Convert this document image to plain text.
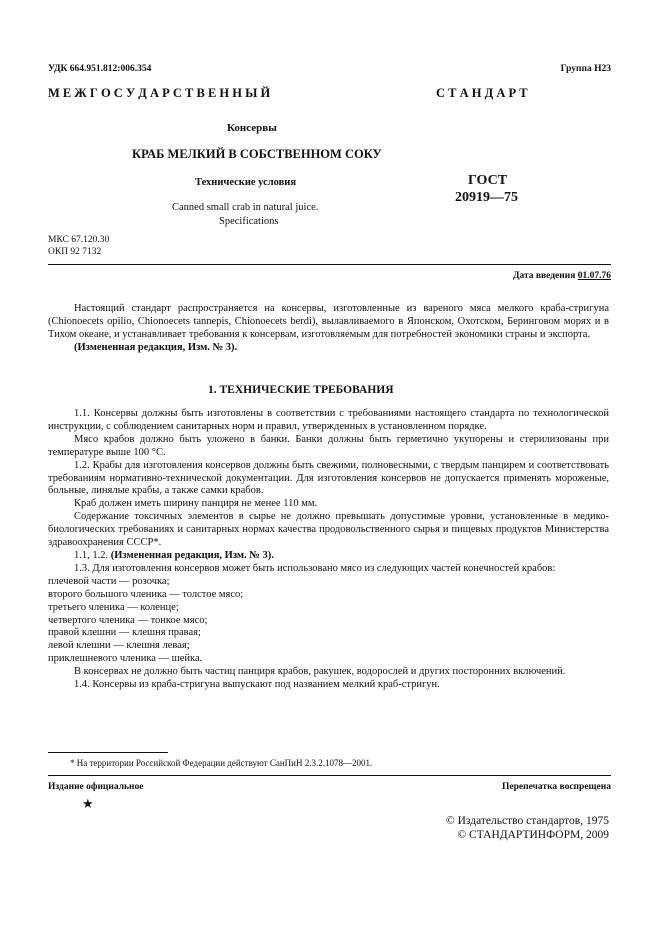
УДК 664.951.812:006.354	Группа Н23
М Е Ж Г О С У Д А Р С Т В Е Н Н Ы Й	С Т А Н Д А Р Т
Консервы
КРАБ МЕЛКИЙ В СОБСТВЕННОМ СОКУ
Технические условия
Canned small crab in natural juice.
Specifications
ГОСТ
20919—75
МКС 67.120.30
ОКП 92 7132
Дата введения 01.07.76

Настоящий стандарт распространяется на консервы, изготовленные из вареного мяса мелкого краба-стригуна (Chionoecets opilio, Chionoecets tannepis, Chionoecets berdi), вылавливаемого в Японском, Охотском, Беринговом морях и в Тихом океане, и устанавливает требования к консервам, изготовляемым для потребностей экономики страны и экспорта.

(Измененная редакция, Изм. № 3).

1. ТЕХНИЧЕСКИЕ ТРЕБОВАНИЯ

1.1. Консервы должны быть изготовлены в соответствии с требованиями настоящего стандарта по технологической инструкции, с соблюдением санитарных норм и правил, утвержденных в установленном порядке.

Мясо крабов должно быть уложено в банки. Банки должны быть герметично укупорены и стерилизованы при температуре выше 100 °С.

1.2. Крабы для изготовления консервов должны быть свежими, полновесными, с твердым панцирем и соответствовать требованиям нормативно-технической документации. Для изготовления консервов не допускается применять мороженые, больные, линялые крабы, а также самки крабов.

Краб должен иметь ширину панциря не менее 110 мм.

Содержание токсичных элементов в сырье не должно превышать допустимые уровни, установленные в медико-биологических требованиях и санитарных нормах качества продовольственного сырья и пищевых продуктов Министерства здравоохранения СССР*.

1.1, 1.2. (Измененная редакция, Изм. № 3).

1.3. Для изготовления консервов может быть использовано мясо из следующих частей конечностей крабов:

плечевой части — розочка;
второго большого членика — толстое мясо;
третьего членика — коленце;
четвертого членика — тонкое мясо;
правой клешни — клешня правая;
левой клешни — клешня левая;
приклешневого членика — шейка.

В консервах не должно быть частиц панциря крабов, ракушек, водорослей и других посторонних включений.

1.4. Консервы из краба-стригуна выпускают под названием мелкий краб-стригун.

* На территории Российской Федерации действуют СанПиН 2.3.2.1078—2001.
Издание официальное	Перепечатка воспрещена
★
© Издательство стандартов, 1975
© СТАНДАРТИНФОРМ, 2009
